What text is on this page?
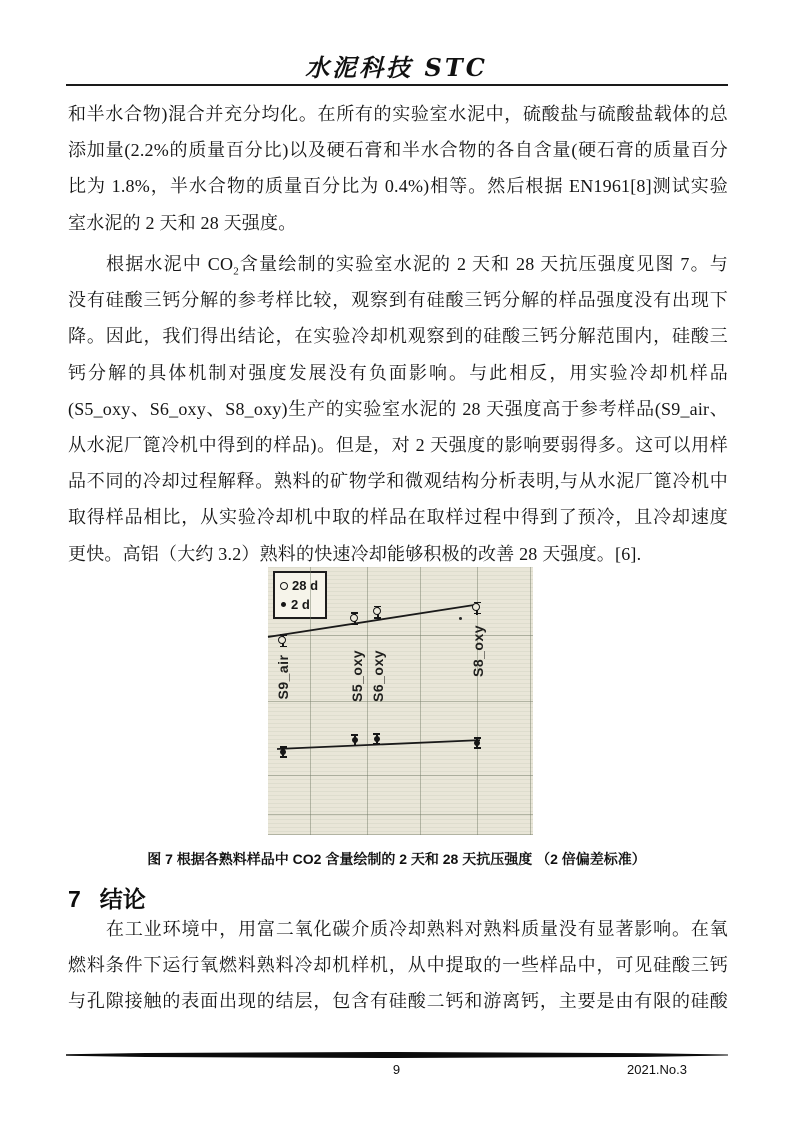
水泥科技 STC
和半水合物)混合并充分均化。在所有的实验室水泥中，硫酸盐与硫酸盐载体的总
添加量(2.2%的质量百分比)以及硬石膏和半水合物的各自含量(硬石膏的质量百分
比为 1.8%，半水合物的质量百分比为 0.4%)相等。然后根据 EN1961[8]测试实验
室水泥的 2 天和 28 天强度。
根据水泥中 $CO_2$含量绘制的实验室水泥的 2 天和 28 天抗压强度见图 7。与
没有硅酸三钙分解的参考样比较，观察到有硅酸三钙分解的样品强度没有出现下
降。因此，我们得出结论，在实验冷却机观察到的硅酸三钙分解范围内，硅酸三
钙分解的具体机制对强度发展没有负面影响。与此相反，用实验冷却机样品
(S5_oxy、S6_oxy、S8_oxy)生产的实验室水泥的 28 天强度高于参考样品(S9_air、
从水泥厂篦冷机中得到的样品)。但是，对 2 天强度的影响要弱得多。这可以用样
品不同的冷却过程解释。熟料的矿物学和微观结构分析表明,与从水泥厂篦冷机中
取得样品相比，从实验冷却机中取的样品在取样过程中得到了预冷，且冷却速度
更快。高铝（大约 3.2）熟料的快速冷却能够积极的改善 28 天强度。[6].
28 d
2 d
S9_air	S5_oxy S6_oxy	S8_oxy
图 7 根据各熟料样品中 CO2 含量绘制的 2 天和 28 天抗压强度 （2 倍偏差标准）
7 结论
在工业环境中，用富二氧化碳介质冷却熟料对熟料质量没有显著影响。在氧
燃料条件下运行氧燃料熟料冷却机样机，从中提取的一些样品中，可见硅酸三钙
与孔隙接触的表面出现的结层，包含有硅酸二钙和游离钙，主要是由有限的硅酸
9	2021.No.3
